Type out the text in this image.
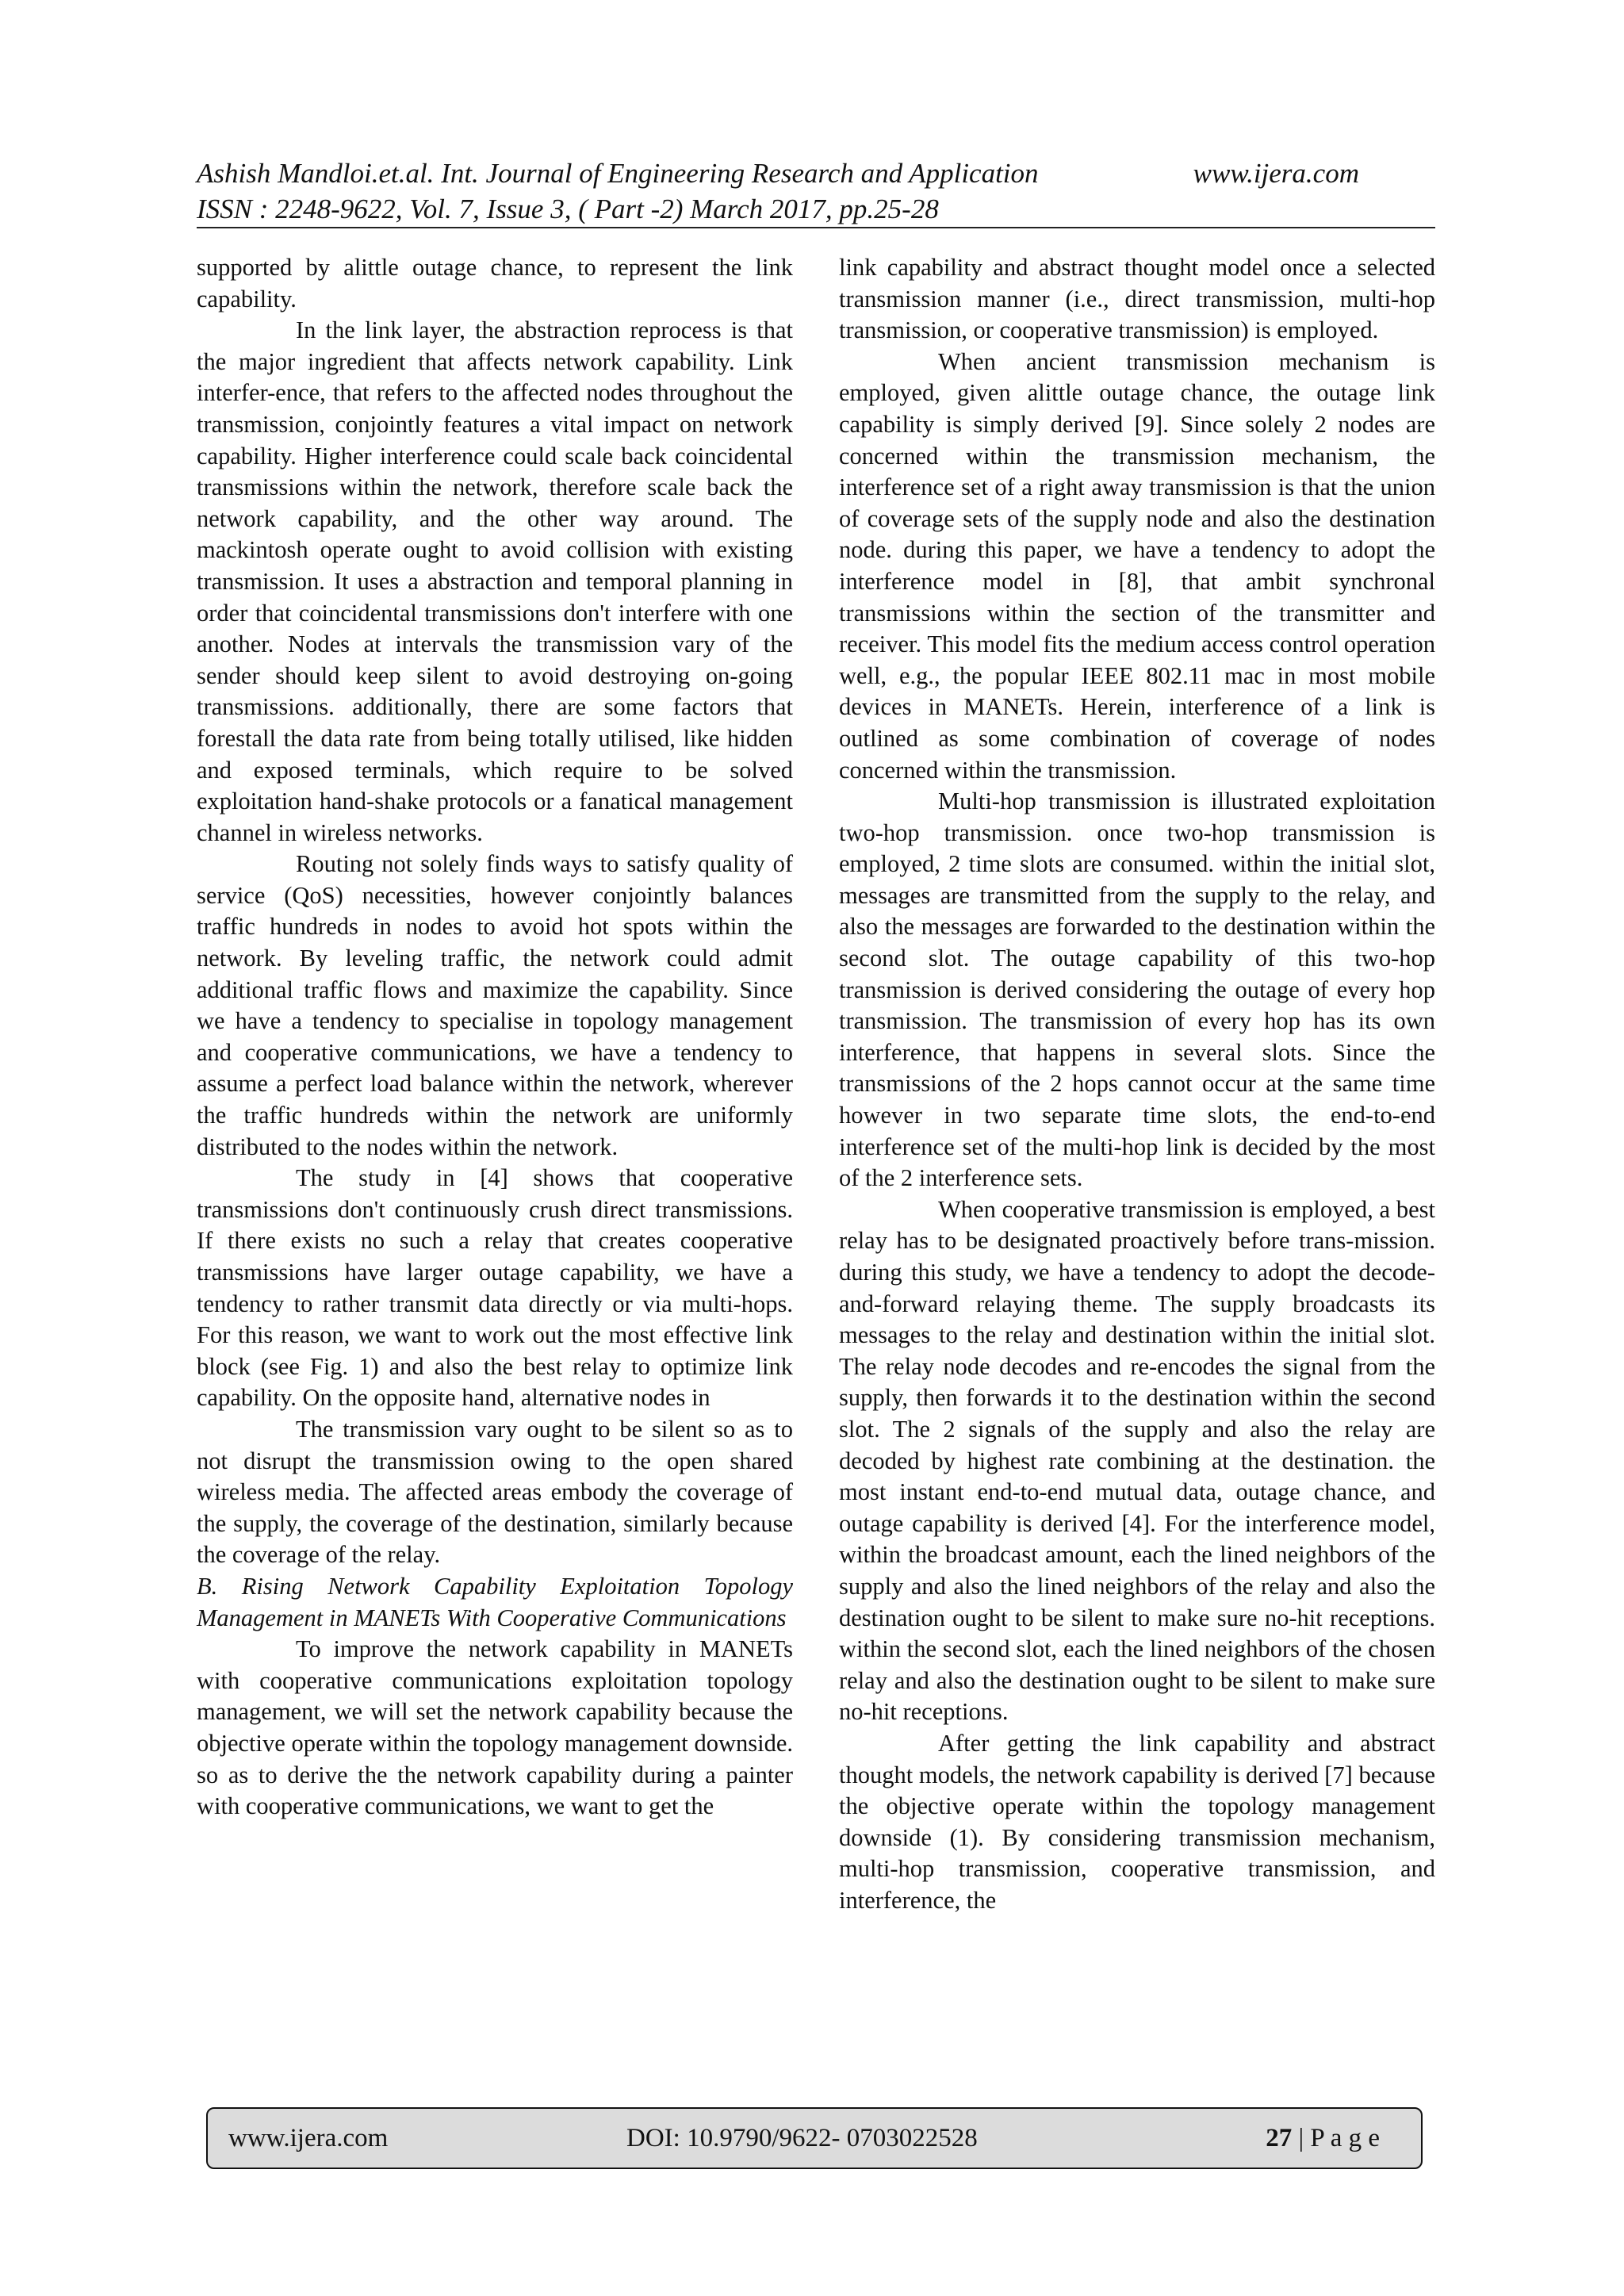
Ashish Mandloi.et.al. Int. Journal of Engineering Research and Application	www.ijera.com
ISSN : 2248-9622, Vol. 7, Issue 3, ( Part -2) March 2017, pp.25-28

supported by alittle outage chance, to represent the link capability.

In the link layer, the abstraction reprocess is that the major ingredient that affects network capability. Link interfer-ence, that refers to the affected nodes throughout the transmission, conjointly features a vital impact on network capability. Higher interference could scale back coincidental transmissions within the network, therefore scale back the network capability, and the other way around. The mackintosh operate ought to avoid collision with existing transmission. It uses a abstraction and temporal planning in order that coincidental transmissions don't interfere with one another. Nodes at intervals the transmission vary of the sender should keep silent to avoid destroying on-going transmissions. additionally, there are some factors that forestall the data rate from being totally utilised, like hidden and exposed terminals, which require to be solved exploitation hand-shake protocols or a fanatical management channel in wireless networks.

Routing not solely finds ways to satisfy quality of service (QoS) necessities, however conjointly balances traffic hundreds in nodes to avoid hot spots within the network. By leveling traffic, the network could admit additional traffic flows and maximize the capability. Since we have a tendency to specialise in topology management and cooperative communications, we have a tendency to assume a perfect load balance within the network, wherever the traffic hundreds within the network are uniformly distributed to the nodes within the network.

The study in [4] shows that cooperative transmissions don't continuously crush direct transmissions. If there exists no such a relay that creates cooperative transmissions have larger outage capability, we have a tendency to rather transmit data directly or via multi-hops. For this reason, we want to work out the most effective link block (see Fig. 1) and also the best relay to optimize link capability. On the opposite hand, alternative nodes in

The transmission vary ought to be silent so as to not disrupt the transmission owing to the open shared wireless media. The affected areas embody the coverage of the supply, the coverage of the destination, similarly because the coverage of the relay.

B. Rising Network Capability Exploitation Topology Management in MANETs With Cooperative Communications

To improve the network capability in MANETs with cooperative communications exploitation topology management, we will set the network capability because the objective operate within the topology management downside. so as to derive the the network capability during a painter with cooperative communications, we want to get the

link capability and abstract thought model once a selected transmission manner (i.e., direct transmission, multi-hop transmission, or cooperative transmission) is employed.

When ancient transmission mechanism is employed, given alittle outage chance, the outage link capability is simply derived [9]. Since solely 2 nodes are concerned within the transmission mechanism, the interference set of a right away transmission is that the union of coverage sets of the supply node and also the destination node. during this paper, we have a tendency to adopt the interference model in [8], that ambit synchronal transmissions within the section of the transmitter and receiver. This model fits the medium access control operation well, e.g., the popular IEEE 802.11 mac in most mobile devices in MANETs. Herein, interference of a link is outlined as some combination of coverage of nodes concerned within the transmission.

Multi-hop transmission is illustrated exploitation two-hop transmission. once two-hop transmission is employed, 2 time slots are consumed. within the initial slot, messages are transmitted from the supply to the relay, and also the messages are forwarded to the destination within the second slot. The outage capability of this two-hop transmission is derived considering the outage of every hop transmission. The transmission of every hop has its own interference, that happens in several slots. Since the transmissions of the 2 hops cannot occur at the same time however in two separate time slots, the end-to-end interference set of the multi-hop link is decided by the most of the 2 interference sets.

When cooperative transmission is employed, a best relay has to be designated proactively before trans-mission. during this study, we have a tendency to adopt the decode-and-forward relaying theme. The supply broadcasts its messages to the relay and destination within the initial slot. The relay node decodes and re-encodes the signal from the supply, then forwards it to the destination within the second slot. The 2 signals of the supply and also the relay are decoded by highest rate combining at the destination. the most instant end-to-end mutual data, outage chance, and outage capability is derived [4]. For the interference model, within the broadcast amount, each the lined neighbors of the supply and also the lined neighbors of the relay and also the destination ought to be silent to make sure no-hit receptions. within the second slot, each the lined neighbors of the chosen relay and also the destination ought to be silent to make sure no-hit receptions.

After getting the link capability and abstract thought models, the network capability is derived [7] because the objective operate within the topology management downside (1). By considering transmission mechanism, multi-hop transmission, cooperative transmission, and interference, the

www.ijera.com	DOI: 10.9790/9622- 0703022528	27 | P a g e
